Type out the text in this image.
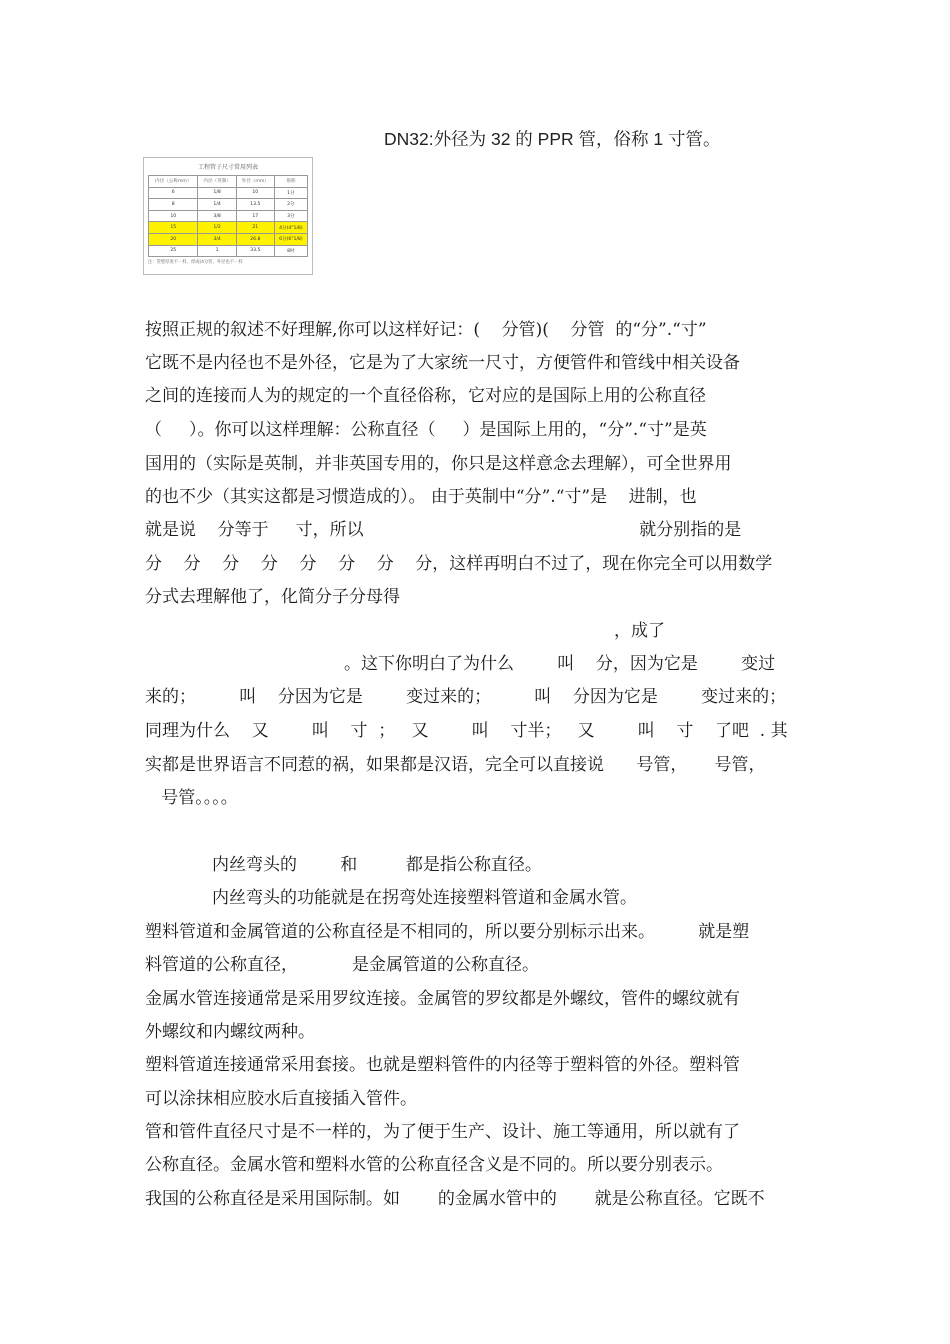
DN32:外径为 32 的 PPR 管，俗称 1 寸管。
工程管子尺寸常用列表
内径（公称mm）	内径（英制）	外径（mm）	俗称
6	1/8	10	1分
8	1/4	13.5	2分
10	3/8	17	3分
15	1/2	21	4分(4"1/8)
20	3/4	26.8	6分(6"1/8)
25	1	33.5	8吋
注：管壁厚度不一样，焊成(4分管，外径也不一样
按照正规的叙述不好理解,你可以这样好记：(    分管)(    分管  的“分”.“寸”
它既不是内径也不是外径，它是为了大家统一尺寸，方便管件和管线中相关设备
之间的连接而人为的规定的一个直径俗称，它对应的是国际上用的公称直径
（     ）。你可以这样理解：公称直径（     ）是国际上用的，“分”.“寸”是英
国用的（实际是英制，并非英国专用的，你只是这样意念去理解），可全世界用
的也不少（其实这都是习惯造成的）。 由于英制中“分”.“寸”是    进制，也
就是说    分等于     寸，所以                                                   就分别指的是
分    分    分    分    分    分    分    分，这样再明白不过了，现在你完全可以用数学
分式去理解他了，化简分子分母得
，成了
。这下你明白了为什么        叫    分，因为它是        变过
来的；        叫    分因为它是        变过来的；        叫    分因为它是        变过来的；
同理为什么    又        叫    寸  ；   又        叫    寸半；   又        叫    寸    了吧  . 其
实都是世界语言不同惹的祸，如果都是汉语，完全可以直接说      号管，     号管，
号管。。。。
内丝弯头的        和         都是指公称直径。
内丝弯头的功能就是在拐弯处连接塑料管道和金属水管。
塑料管道和金属管道的公称直径是不相同的，所以要分别标示出来。        就是塑
料管道的公称直径，          是金属管道的公称直径。
金属水管连接通常是采用罗纹连接。金属管的罗纹都是外螺纹，管件的螺纹就有
外螺纹和内螺纹两种。
塑料管道连接通常采用套接。也就是塑料管件的内径等于塑料管的外径。塑料管
可以涂抹相应胶水后直接插入管件。
管和管件直径尺寸是不一样的，为了便于生产、设计、施工等通用，所以就有了
公称直径。金属水管和塑料水管的公称直径含义是不同的。所以要分别表示。
我国的公称直径是采用国际制。如       的金属水管中的       就是公称直径。它既不
